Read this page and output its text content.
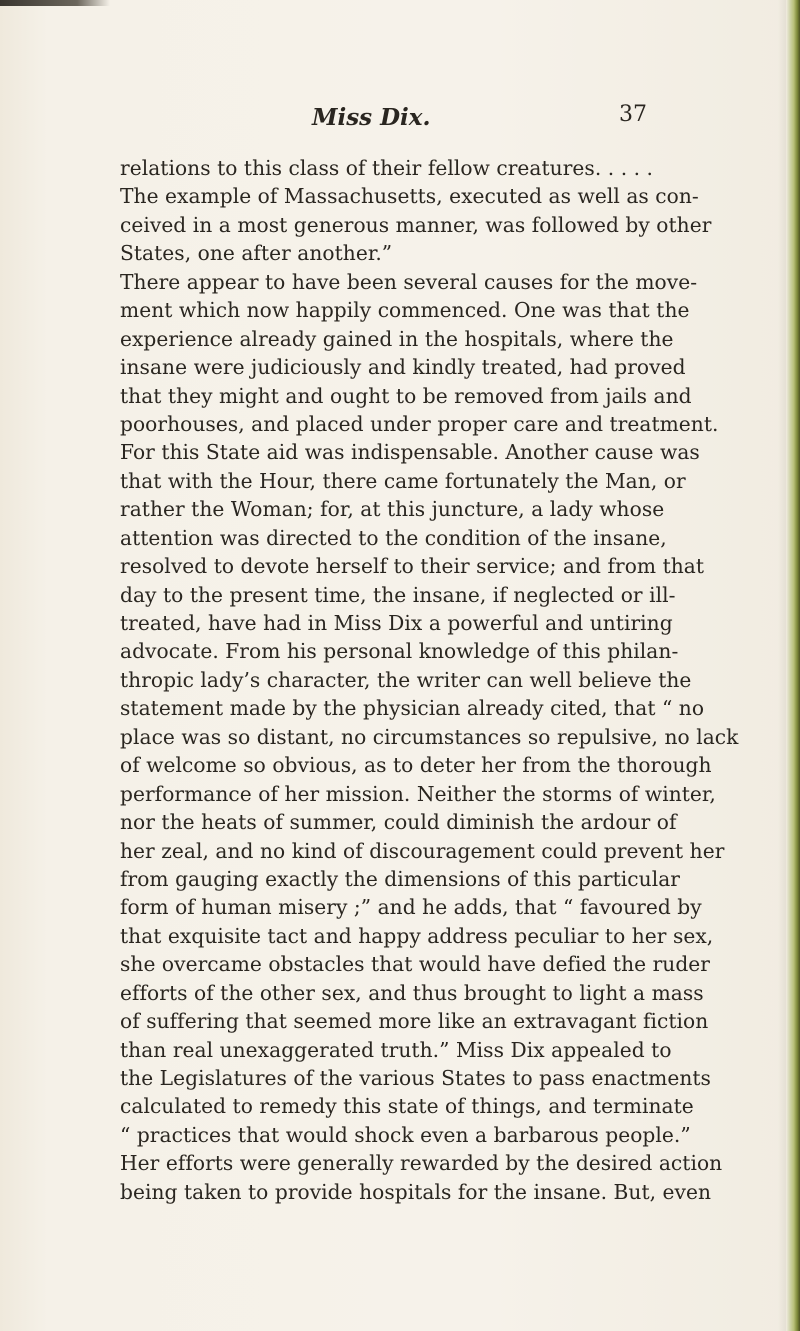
Miss Dix.	37
relations to this class of their fellow creatures. . . . .
The example of Massachusetts, executed as well as con-
ceived in a most generous manner, was followed by other
States, one after another.”
There appear to have been several causes for the move-
ment which now happily commenced. One was that the
experience already gained in the hospitals, where the
insane were judiciously and kindly treated, had proved
that they might and ought to be removed from jails and
poorhouses, and placed under proper care and treatment.
For this State aid was indispensable. Another cause was
that with the Hour, there came fortunately the Man, or
rather the Woman; for, at this juncture, a lady whose
attention was directed to the condition of the insane,
resolved to devote herself to their service; and from that
day to the present time, the insane, if neglected or ill-
treated, have had in Miss Dix a powerful and untiring
advocate. From his personal knowledge of this philan-
thropic lady’s character, the writer can well believe the
statement made by the physician already cited, that “ no
place was so distant, no circumstances so repulsive, no lack
of welcome so obvious, as to deter her from the thorough
performance of her mission. Neither the storms of winter,
nor the heats of summer, could diminish the ardour of
her zeal, and no kind of discouragement could prevent her
from gauging exactly the dimensions of this particular
form of human misery ;” and he adds, that “ favoured by
that exquisite tact and happy address peculiar to her sex,
she overcame obstacles that would have defied the ruder
efforts of the other sex, and thus brought to light a mass
of suffering that seemed more like an extravagant fiction
than real unexaggerated truth.” Miss Dix appealed to
the Legislatures of the various States to pass enactments
calculated to remedy this state of things, and terminate
“ practices that would shock even a barbarous people.”
Her efforts were generally rewarded by the desired action
being taken to provide hospitals for the insane. But, even
